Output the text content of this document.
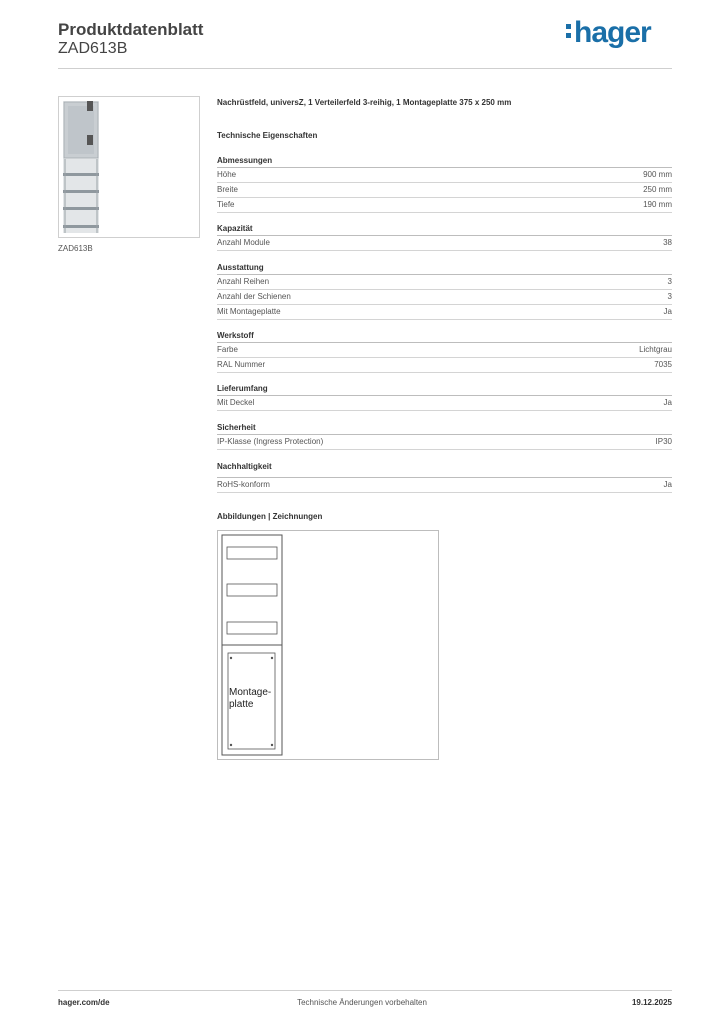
Produktdatenblatt
ZAD613B	hager
ZAD613B
Nachrüstfeld, universZ, 1 Verteilerfeld 3-reihig, 1 Montageplatte 375 x 250 mm
Technische Eigenschaften
Abmessungen
Höhe	900 mm
Breite	250 mm
Tiefe	190 mm
Kapazität
Anzahl Module	38
Ausstattung
Anzahl Reihen	3
Anzahl der Schienen	3
Mit Montageplatte	Ja
Werkstoff
Farbe	Lichtgrau
RAL Nummer	7035
Lieferumfang
Mit Deckel	Ja
Sicherheit
IP-Klasse (Ingress Protection)	IP30
Nachhaltigkeit
RoHS-konform	Ja
Abbildungen | Zeichnungen
Montage-
platte
Technische Änderungen vorbehalten
hager.com/de	19.12.2025
